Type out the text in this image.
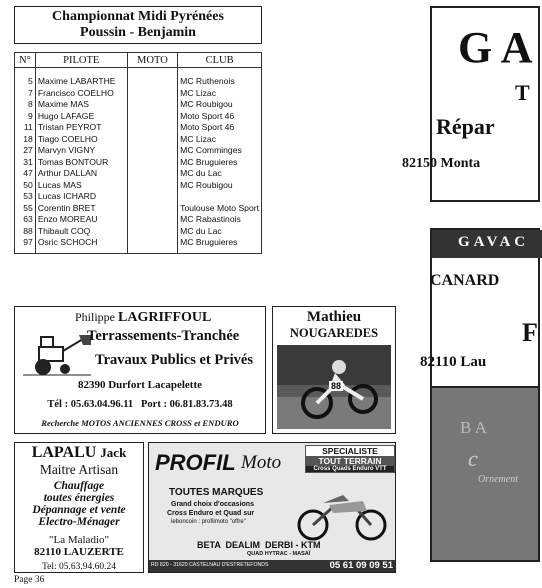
Championnat Midi Pyrénées
Poussin - Benjamin
N°	PILOTE	MOTO	CLUB
5	Maxime LABARTHE		MC Ruthenois
7	Francisco COELHO		MC Lizac
8	Maxime MAS		MC Roubigou
9	Hugo LAFAGE		Moto Sport 46
11	Tristan PEYROT		Moto Sport 46
18	Tiago COELHO		MC Lizac
27	Marvyn VIGNY		MC Comminges
31	Tomas BONTOUR		MC Bruguieres
47	Arthur DALLAN		MC du Lac
50	Lucas MAS		MC Roubigou
53	Lucas ICHARD		
55	Corentin BRET		Toulouse Moto Sport
63	Enzo MOREAU		MC Rabastinois
88	Thibault COQ		MC du Lac
97	Osric SCHOCH		MC Bruguieres
Philippe LAGRIFFOUL
Terrassements-Tranchée
Travaux Publics et Privés
82390 Durfort Lacapelette
Tél : 05.63.04.96.11   Port : 06.81.83.73.48
Recherche MOTOS ANCIENNES CROSS et ENDURO
Mathieu
NOUGAREDES
88
LAPALU Jack
Maitre Artisan
Chauffage
toutes énergies
Dépannage et vente
Electro-Ménager
"La Maladio"
82110 LAUZERTE
Tel: 05.63.94.60.24
PROFIL Moto
SPECIALISTE
TOUT TERRAIN
Cross Quads Enduro VTT
TOUTES MARQUES
Grand choix d'occasions
Cross Enduro et Quad sur
leboncoin : profilmoto "offre"
BETA  DEALIM  DERBI - KTM
QUAD HYTRAC - MASAÏ
RD 820 - 31620 CASTELNAU D'ESTRETEFONDS	05 61 09 09 51
Page 36
G A
T
Répar
82150 Monta
GAVAC
CANARD
F
82110 Lau
B A
c
Ornement
